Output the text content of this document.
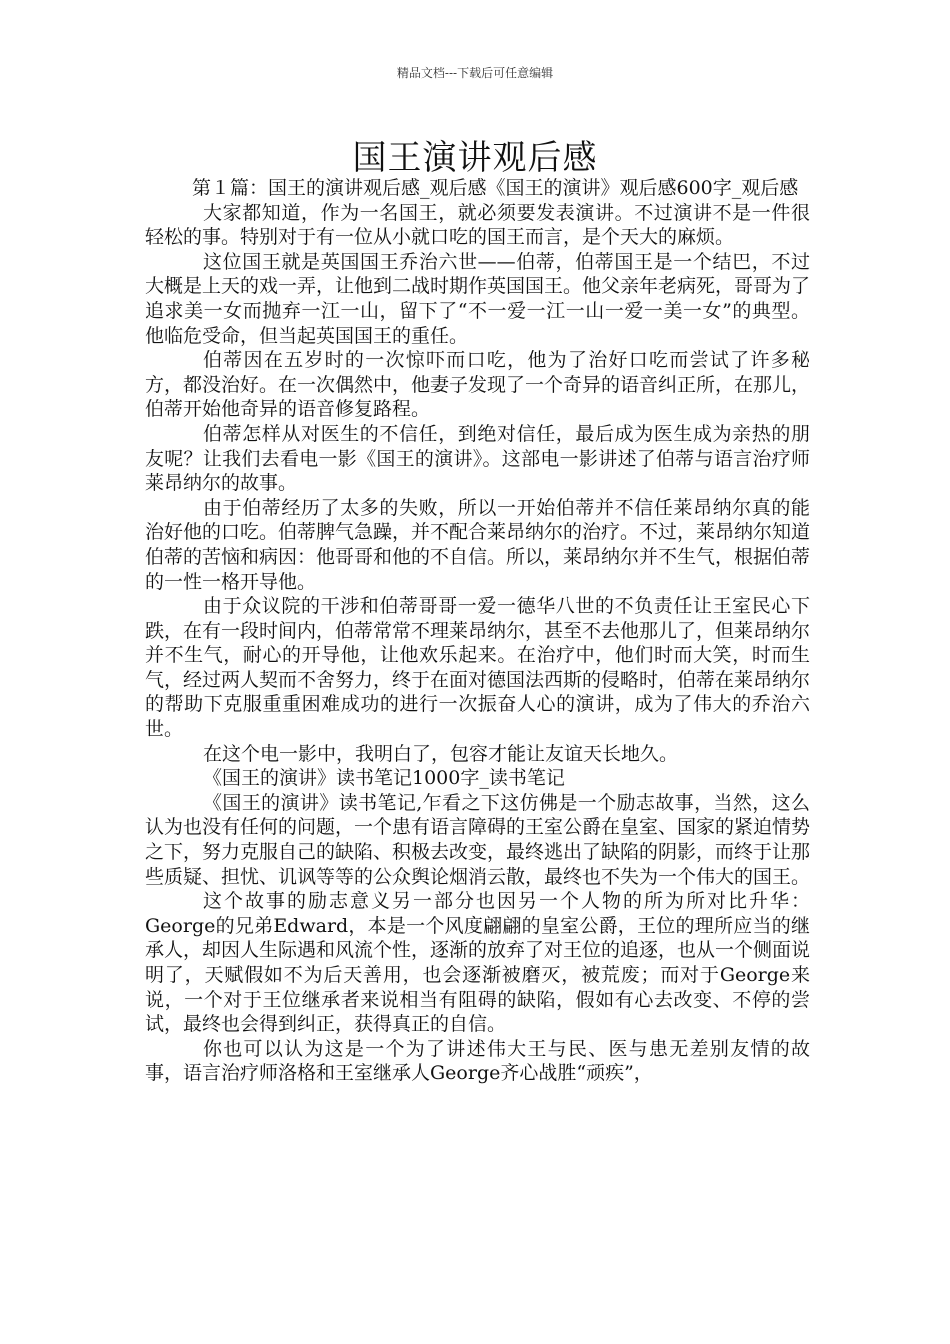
精品文档---下载后可任意编辑
国王演讲观后感

第１篇：国王的演讲观后感_观后感《国王的演讲》观后感600字_观后感

大家都知道，作为一名国王，就必须要发表演讲。不过演讲不是一件很轻松的事。特别对于有一位从小就口吃的国王而言，是个天大的麻烦。

这位国王就是英国国王乔治六世——伯蒂，伯蒂国王是一个结巴，不过大概是上天的戏一弄，让他到二战时期作英国国王。他父亲年老病死，哥哥为了追求美一女而抛弃一江一山，留下了“不一爱一江一山一爱一美一女”的典型。他临危受命，但当起英国国王的重任。

伯蒂因在五岁时的一次惊吓而口吃，他为了治好口吃而尝试了许多秘方，都没治好。在一次偶然中，他妻子发现了一个奇异的语音纠正所，在那儿，伯蒂开始他奇异的语音修复路程。

伯蒂怎样从对医生的不信任，到绝对信任，最后成为医生成为亲热的朋友呢？让我们去看电一影《国王的演讲》。这部电一影讲述了伯蒂与语言治疗师莱昂纳尔的故事。

由于伯蒂经历了太多的失败，所以一开始伯蒂并不信任莱昂纳尔真的能治好他的口吃。伯蒂脾气急躁，并不配合莱昂纳尔的治疗。不过，莱昂纳尔知道伯蒂的苦恼和病因：他哥哥和他的不自信。所以，莱昂纳尔并不生气，根据伯蒂的一性一格开导他。

由于众议院的干涉和伯蒂哥哥一爱一德华八世的不负责任让王室民心下跌，在有一段时间内，伯蒂常常不理莱昂纳尔，甚至不去他那儿了，但莱昂纳尔并不生气，耐心的开导他，让他欢乐起来。在治疗中，他们时而大笑，时而生气，经过两人契而不舍努力，终于在面对德国法西斯的侵略时，伯蒂在莱昂纳尔的帮助下克服重重困难成功的进行一次振奋人心的演讲，成为了伟大的乔治六世。

在这个电一影中，我明白了，包容才能让友谊天长地久。

《国王的演讲》读书笔记1000字_读书笔记

《国王的演讲》读书笔记,乍看之下这仿佛是一个励志故事，当然，这么认为也没有任何的问题，一个患有语言障碍的王室公爵在皇室、国家的紧迫情势之下，努力克服自己的缺陷、积极去改变，最终逃出了缺陷的阴影，而终于让那些质疑、担忧、讥讽等等的公众舆论烟消云散，最终也不失为一个伟大的国王。

这个故事的励志意义另一部分也因另一个人物的所为所对比升华：George的兄弟Edward，本是一个风度翩翩的皇室公爵，王位的理所应当的继承人，却因人生际遇和风流个性，逐渐的放弃了对王位的追逐，也从一个侧面说明了，天赋假如不为后天善用，也会逐渐被磨灭，被荒废；而对于George来说，一个对于王位继承者来说相当有阻碍的缺陷，假如有心去改变、不停的尝试，最终也会得到纠正，获得真正的自信。

你也可以认为这是一个为了讲述伟大王与民、医与患无差别友情的故事，语言治疗师洛格和王室继承人George齐心战胜“顽疾”，
